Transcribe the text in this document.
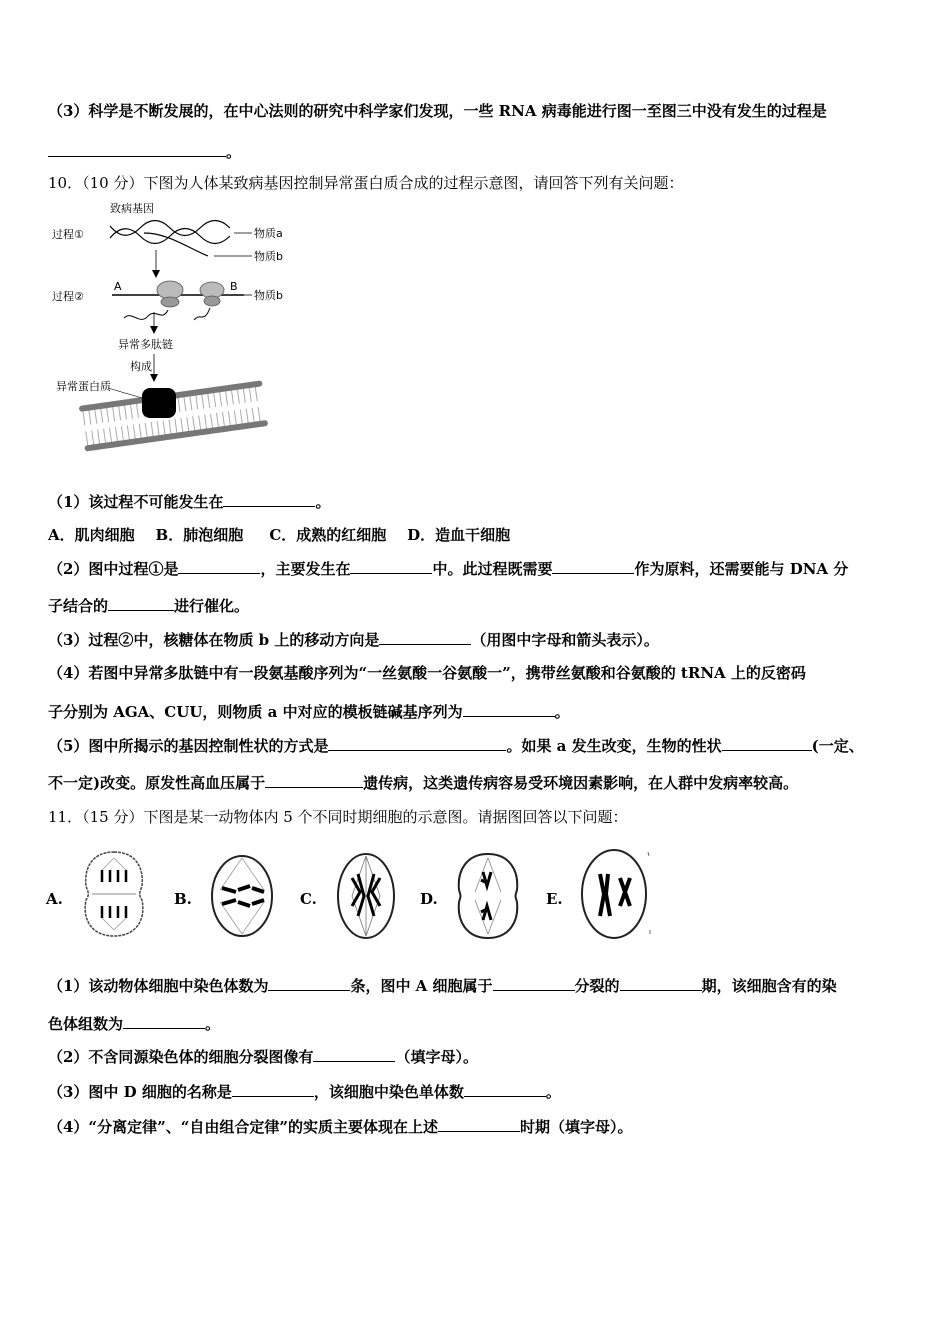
（3）科学是不断发展的，在中心法则的研究中科学家们发现，一些 RNA 病毒能进行图一至图三中没有发生的过程是
。
10．（10 分）下图为人体某致病基因控制异常蛋白质合成的过程示意图，请回答下列有关问题：
致病基因
过程①	物质a
物质b
过程②
A	B
物质b
异常多肽链
构成
异常蛋白质
（1）该过程不可能发生在	。
A．肌肉细胞    B．肺泡细胞     C．成熟的红细胞    D．造血干细胞
（2）图中过程①是	，主要发生在	中。此过程既需要	作为原料，还需要能与 DNA 分
子结合的	进行催化。
（3）过程②中，核糖体在物质 b 上的移动方向是	（用图中字母和箭头表示）。
（4）若图中异常多肽链中有一段氨基酸序列为“一丝氨酸一谷氨酸一”，携带丝氨酸和谷氨酸的 tRNA 上的反密码
子分别为 AGA、CUU，则物质 a 中对应的模板链碱基序列为	。
（5）图中所揭示的基因控制性状的方式是	。如果 a 发生改变，生物的性状	(一定、
不一定)改变。原发性高血压属于	遗传病，这类遗传病容易受环境因素影响，在人群中发病率较高。
11．（15 分）下图是某一动物体内 5 个不同时期细胞的示意图。请据图回答以下问题：
A.	B.	C.	D.	E.
（1）该动物体细胞中染色体数为	条，图中 A 细胞属于	分裂的	期，该细胞含有的染
色体组数为	。
（2）不含同源染色体的细胞分裂图像有	（填字母）。
（3）图中 D 细胞的名称是	，该细胞中染色单体数	。
（4）“分离定律”、“自由组合定律”的实质主要体现在上述	时期（填字母）。
